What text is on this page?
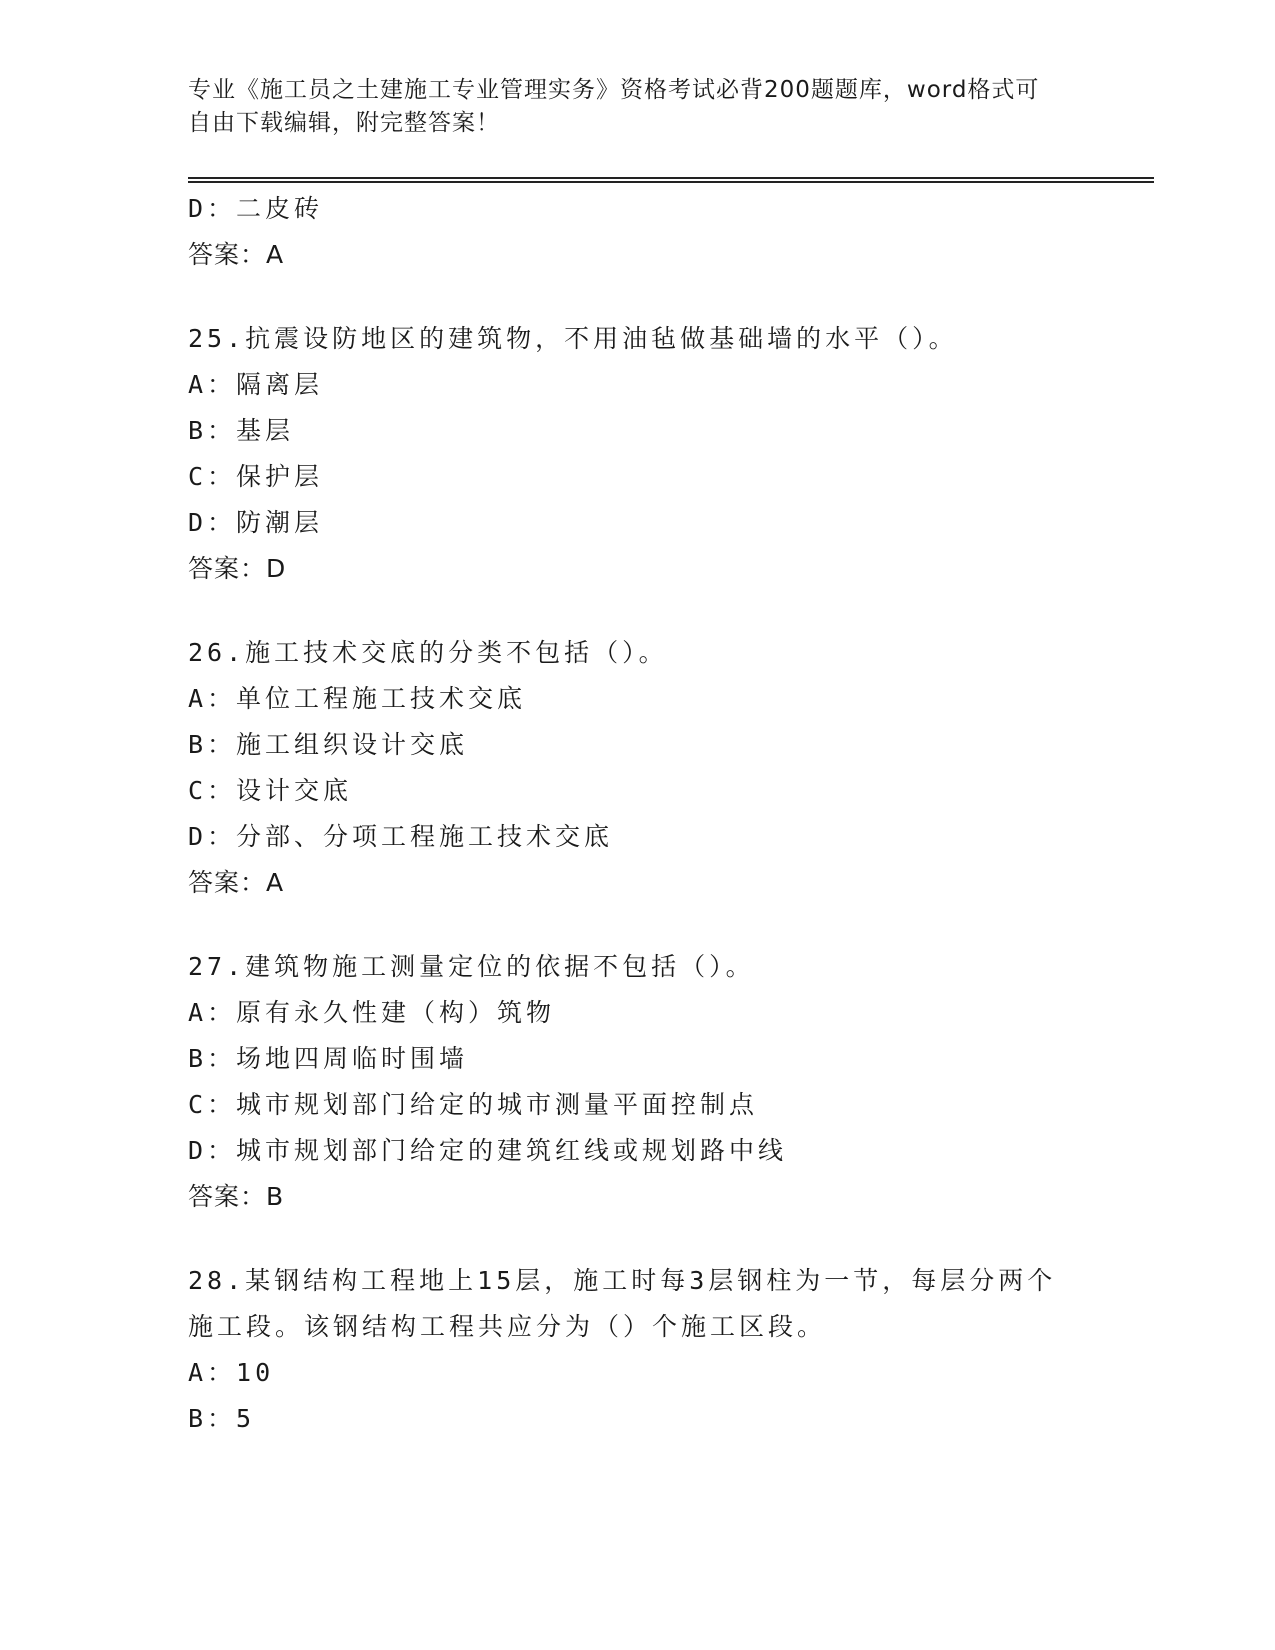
专业《施工员之土建施工专业管理实务》资格考试必背200题题库，word格式可
自由下载编辑，附完整答案！
D：二皮砖
答案：A
25.抗震设防地区的建筑物，不用油毡做基础墙的水平（）。
A：隔离层
B：基层
C：保护层
D：防潮层
答案：D
26.施工技术交底的分类不包括（）。
A：单位工程施工技术交底
B：施工组织设计交底
C：设计交底
D：分部、分项工程施工技术交底
答案：A
27.建筑物施工测量定位的依据不包括（）。
A：原有永久性建（构）筑物
B：场地四周临时围墙
C：城市规划部门给定的城市测量平面控制点
D：城市规划部门给定的建筑红线或规划路中线
答案：B
28.某钢结构工程地上15层，施工时每3层钢柱为一节，每层分两个
施工段。该钢结构工程共应分为（）个施工区段。
A：10
B：5
